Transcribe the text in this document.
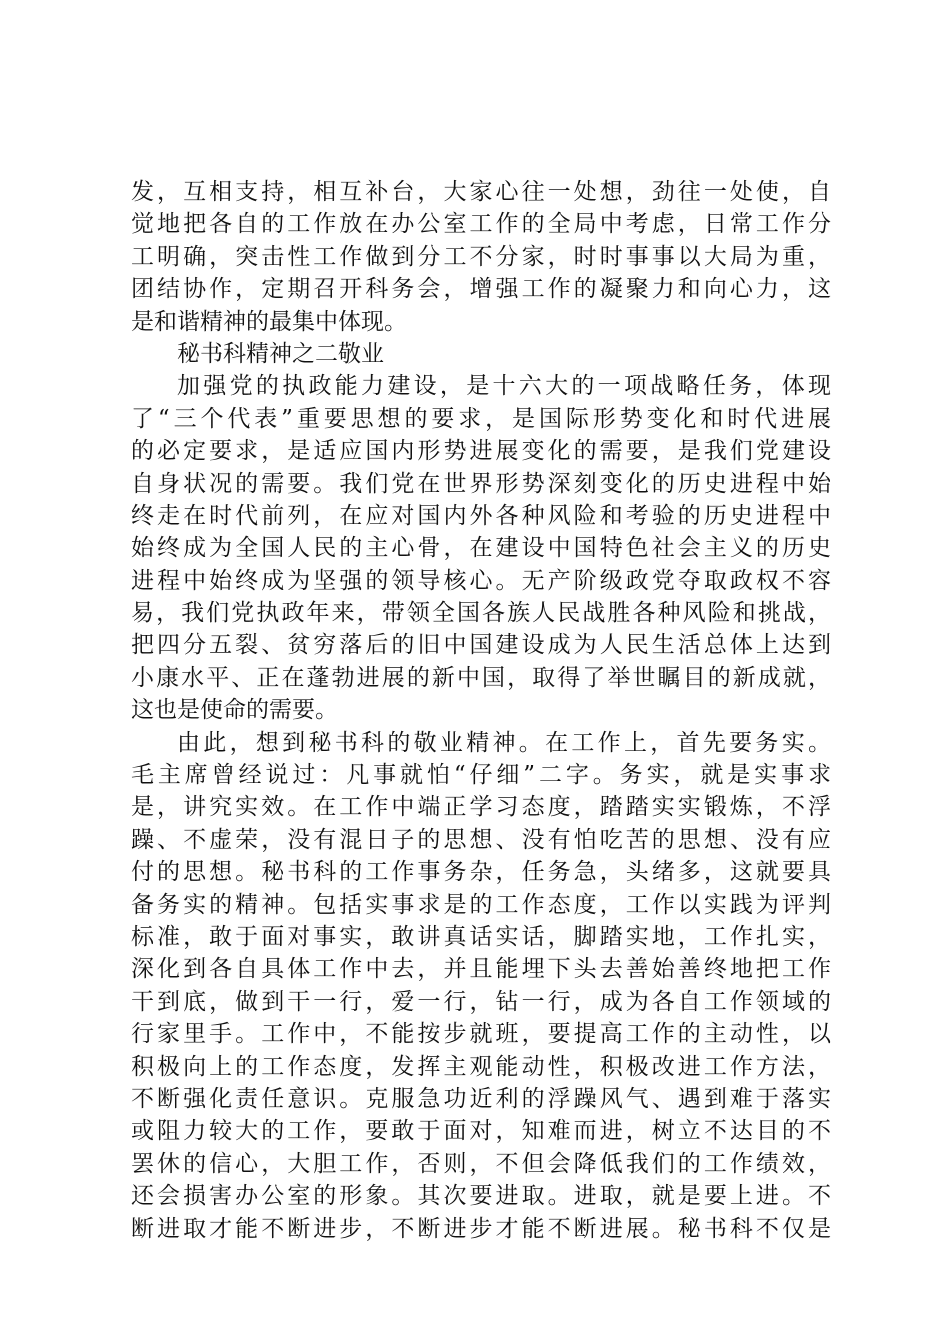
发，互相支持，相互补台，大家心往一处想，劲往一处使，自
觉地把各自的工作放在办公室工作的全局中考虑，日常工作分
工明确，突击性工作做到分工不分家，时时事事以大局为重，
团结协作，定期召开科务会，增强工作的凝聚力和向心力，这
是和谐精神的最集中体现。
秘书科精神之二敬业
加强党的执政能力建设，是十六大的一项战略任务，体现
了“三个代表”重要思想的要求，是国际形势变化和时代进展
的必定要求，是适应国内形势进展变化的需要，是我们党建设
自身状况的需要。我们党在世界形势深刻变化的历史进程中始
终走在时代前列，在应对国内外各种风险和考验的历史进程中
始终成为全国人民的主心骨，在建设中国特色社会主义的历史
进程中始终成为坚强的领导核心。无产阶级政党夺取政权不容
易，我们党执政年来，带领全国各族人民战胜各种风险和挑战，
把四分五裂、贫穷落后的旧中国建设成为人民生活总体上达到
小康水平、正在蓬勃进展的新中国，取得了举世瞩目的新成就，
这也是使命的需要。
由此，想到秘书科的敬业精神。在工作上，首先要务实。
毛主席曾经说过：凡事就怕“仔细”二字。务实，就是实事求
是，讲究实效。在工作中端正学习态度，踏踏实实锻炼，不浮
躁、不虚荣，没有混日子的思想、没有怕吃苦的思想、没有应
付的思想。秘书科的工作事务杂，任务急，头绪多，这就要具
备务实的精神。包括实事求是的工作态度，工作以实践为评判
标准，敢于面对事实，敢讲真话实话，脚踏实地，工作扎实，
深化到各自具体工作中去，并且能埋下头去善始善终地把工作
干到底，做到干一行，爱一行，钻一行，成为各自工作领域的
行家里手。工作中，不能按步就班，要提高工作的主动性，以
积极向上的工作态度，发挥主观能动性，积极改进工作方法，
不断强化责任意识。克服急功近利的浮躁风气、遇到难于落实
或阻力较大的工作，要敢于面对，知难而进，树立不达目的不
罢休的信心，大胆工作，否则，不但会降低我们的工作绩效，
还会损害办公室的形象。其次要进取。进取，就是要上进。不
断进取才能不断进步，不断进步才能不断进展。秘书科不仅是
